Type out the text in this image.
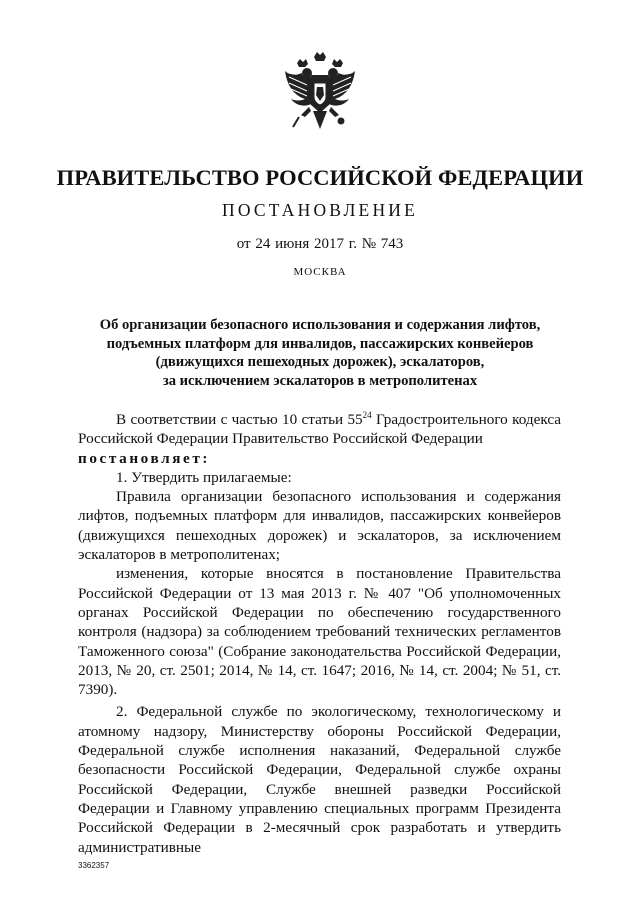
ПРАВИТЕЛЬСТВО РОССИЙСКОЙ ФЕДЕРАЦИИ
ПОСТАНОВЛЕНИЕ
от 24 июня 2017 г. № 743
МОСКВА
Об организации безопасного использования и содержания лифтов,
подъемных платформ для инвалидов, пассажирских конвейеров
(движущихся пешеходных дорожек), эскалаторов,
за исключением эскалаторов в метрополитенах

В соответствии с частью 10 статьи $55^{24}$ Градостроительного кодекса Российской Федерации Правительство Российской Федерации

постановляет:

1. Утвердить прилагаемые:

Правила организации безопасного использования и содержания лифтов, подъемных платформ для инвалидов, пассажирских конвейеров (движущихся пешеходных дорожек) и эскалаторов, за исключением эскалаторов в метрополитенах;

изменения, которые вносятся в постановление Правительства Российской Федерации от 13 мая 2013 г. № 407 "Об уполномоченных органах Российской Федерации по обеспечению государственного контроля (надзора) за соблюдением требований технических регламентов Таможенного союза" (Собрание законодательства Российской Федерации, 2013, № 20, ст. 2501; 2014, № 14, ст. 1647; 2016, № 14, ст. 2004; № 51, ст. 7390).

2. Федеральной службе по экологическому, технологическому и атомному надзору, Министерству обороны Российской Федерации, Федеральной службе исполнения наказаний, Федеральной службе безопасности Российской Федерации, Федеральной службе охраны Российской Федерации, Службе внешней разведки Российской Федерации и Главному управлению специальных программ Президента Российской Федерации в 2-месячный срок разработать и утвердить административные

3362357
